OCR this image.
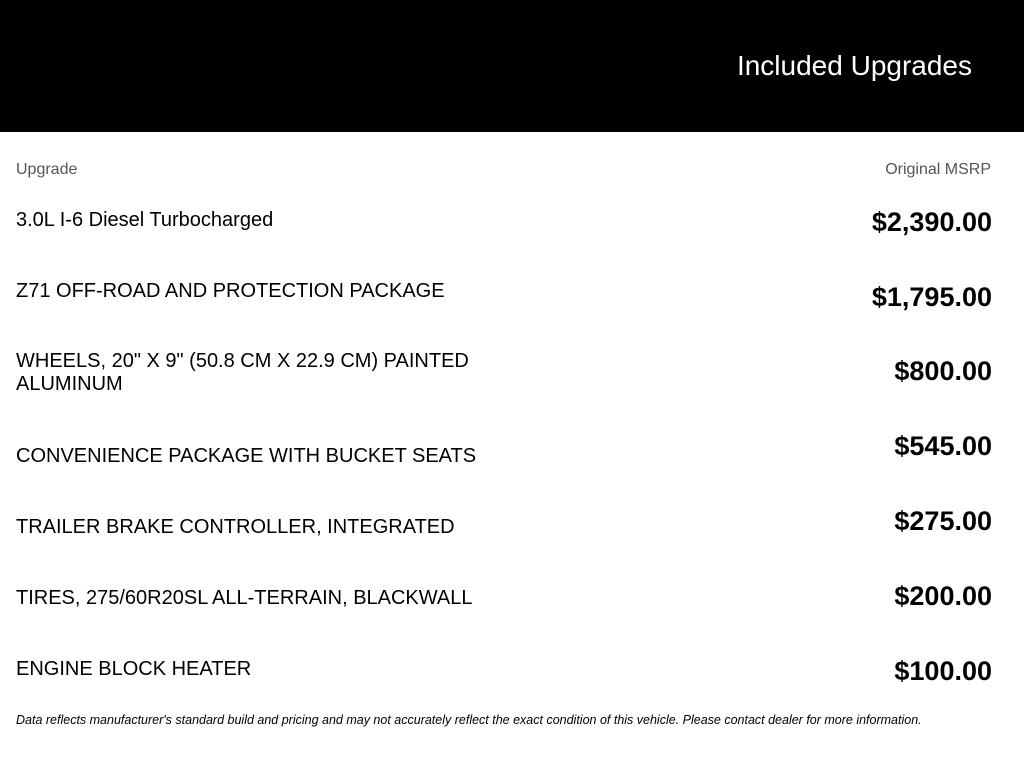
Included Upgrades
Upgrade	Original MSRP
3.0L I-6 Diesel Turbocharged	$2,390.00
Z71 OFF-ROAD AND PROTECTION PACKAGE	$1,795.00
WHEELS, 20" X 9" (50.8 CM X 22.9 CM) PAINTED ALUMINUM	$800.00
CONVENIENCE PACKAGE WITH BUCKET SEATS	$545.00
TRAILER BRAKE CONTROLLER, INTEGRATED	$275.00
TIRES, 275/60R20SL ALL-TERRAIN, BLACKWALL	$200.00
ENGINE BLOCK HEATER	$100.00
Data reflects manufacturer's standard build and pricing and may not accurately reflect the exact condition of this vehicle. Please contact dealer for more information.
